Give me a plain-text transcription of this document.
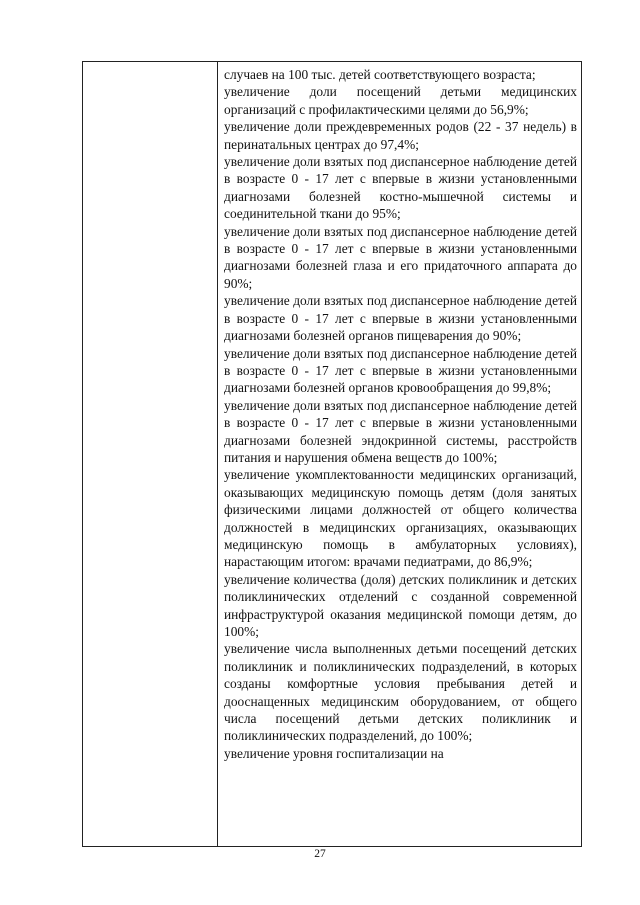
случаев на 100 тыс. детей соответствующего возраста;

увеличение доли посещений детьми медицинских организаций с профилактическими целями до 56,9%;

увеличение доли преждевременных родов (22 - 37 недель) в перинатальных центрах до 97,4%;

увеличение доли взятых под диспансерное наблюдение детей в возрасте 0 - 17 лет с впервые в жизни установленными диагнозами болезней костно-мышечной системы и соединительной ткани до 95%;

увеличение доли взятых под диспансерное наблюдение детей в возрасте 0 - 17 лет с впервые в жизни установленными диагнозами болезней глаза и его придаточного аппарата до 90%;

увеличение доли взятых под диспансерное наблюдение детей в возрасте 0 - 17 лет с впервые в жизни установленными диагнозами болезней органов пищеварения до 90%;

увеличение доли взятых под диспансерное наблюдение детей в возрасте 0 - 17 лет с впервые в жизни установленными диагнозами болезней органов кровообращения до 99,8%;

увеличение доли взятых под диспансерное наблюдение детей в возрасте 0 - 17 лет с впервые в жизни установленными диагнозами болезней эндокринной системы, расстройств питания и нарушения обмена веществ до 100%;

увеличение укомплектованности медицинских организаций, оказывающих медицинскую помощь детям (доля занятых физическими лицами должностей от общего количества должностей в медицинских организациях, оказывающих медицинскую помощь в амбулаторных условиях), нарастающим итогом: врачами педиатрами, до 86,9%;

увеличение количества (доля) детских поликлиник и детских поликлинических отделений с созданной современной инфраструктурой оказания медицинской помощи детям, до 100%;

увеличение числа выполненных детьми посещений детских поликлиник и поликлинических подразделений, в которых созданы комфортные условия пребывания детей и дооснащенных медицинским оборудованием, от общего числа посещений детьми детских поликлиник и поликлинических подразделений, до 100%;

увеличение уровня госпитализации на

27
